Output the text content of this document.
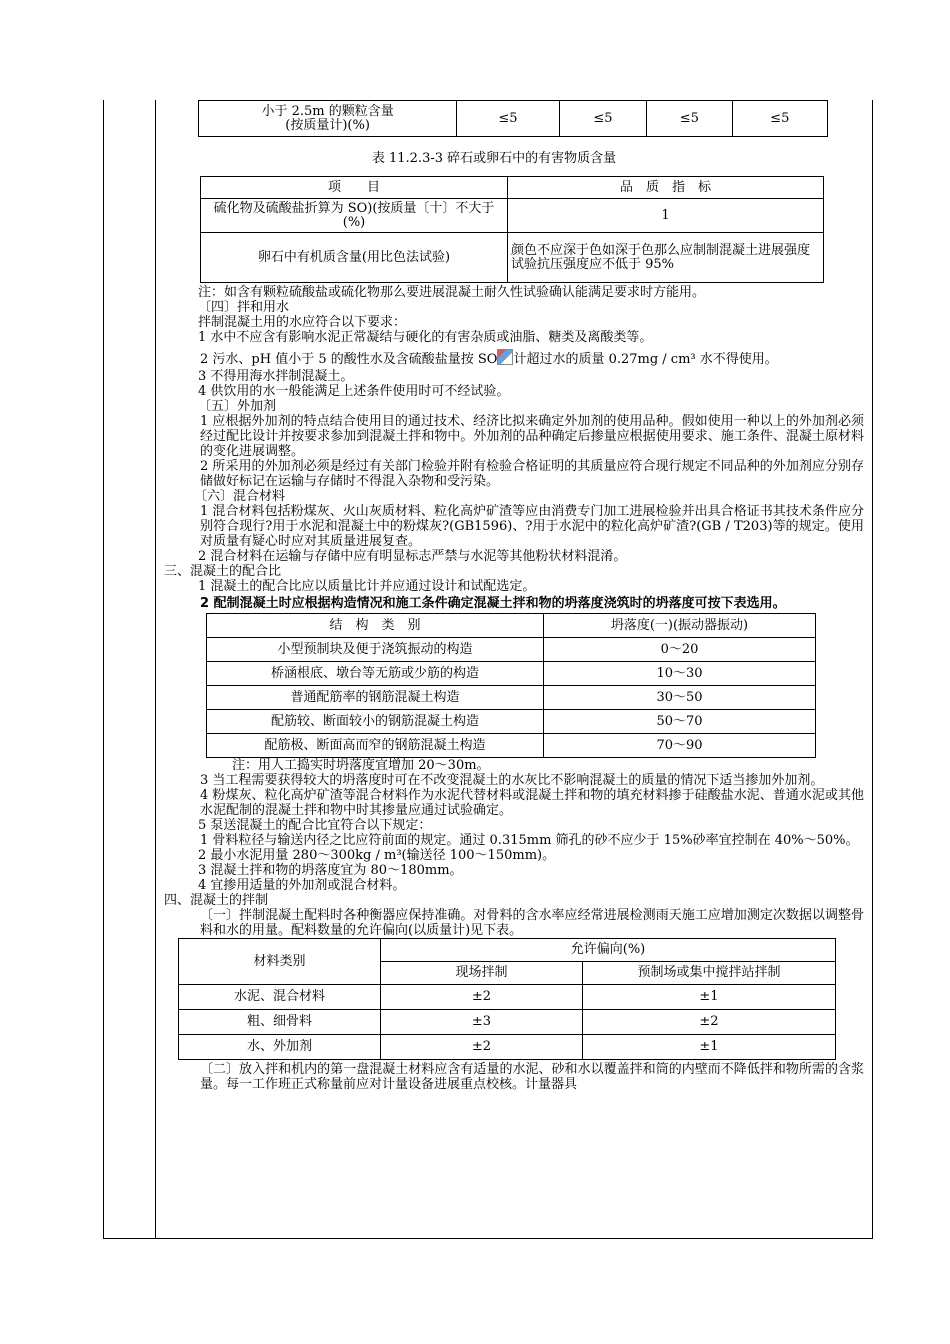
小于 2.5m 的颗粒含量
(按质量计)(%)	≤5	≤5	≤5	≤5

表 11.2.3-3 碎石或卵石中的有害物质含量

项　　目	品　质　指　标
硫化物及硫酸盐折算为 SO)(按质量〔十〕不大于(%)	1
卵石中有机质含量(用比色法试验)	颜色不应深于色如深于色那么应制制混凝土进展强度试验抗压强度应不低于 95%

注：如含有颗粒硫酸盐或硫化物那么要进展混凝土耐久性试验确认能满足要求时方能用。

〔四〕拌和用水

拌制混凝土用的水应符合以下要求：

1 水中不应含有影响水泥正常凝结与硬化的有害杂质或油脂、糖类及离酸类等。

2 污水、pH 值小于 5 的酸性水及含硫酸盐量按 SO 计超过水的质量 0.27mg / cm³ 水不得使用。

3 不得用海水拌制混凝土。

4 供饮用的水一般能满足上述条件使用时可不经试验。

〔五〕外加剂

1 应根据外加剂的特点结合使用目的通过技术、经济比拟来确定外加剂的使用品种。假如使用一种以上的外加剂必须经过配比设计并按要求参加到混凝土拌和物中。外加剂的品种确定后掺量应根据使用要求、施工条件、混凝土原材料的变化进展调整。

2 所采用的外加剂必须是经过有关部门检验并附有检验合格证明的其质量应符合现行规定不同品种的外加剂应分别存储做好标记在运输与存储时不得混入杂物和受污染。

〔六〕混合材料

1 混合材料包括粉煤灰、火山灰质材料、粒化高炉矿渣等应由消费专门加工进展检验并出具合格证书其技术条件应分别符合现行?用于水泥和混凝土中的粉煤灰?(GB1596)、?用于水泥中的粒化高炉矿渣?(GB / T203)等的规定。使用对质量有疑心时应对其质量进展复查。

2 混合材料在运输与存储中应有明显标志严禁与水泥等其他粉状材料混淆。

三、混凝土的配合比

1 混凝土的配合比应以质量比计并应通过设计和试配选定。

2 配制混凝土时应根据构造情况和施工条件确定混凝土拌和物的坍落度浇筑时的坍落度可按下表选用。

结　构　类　别	坍落度(一)(振动器振动)
小型预制块及便于浇筑振动的构造	0～20
桥涵根底、墩台等无筋或少筋的构造	10～30
普通配筋率的钢筋混凝土构造	30～50
配筋较、断面较小的钢筋混凝土构造	50～70
配筋极、断面高而窄的钢筋混凝土构造	70～90

注：用人工捣实时坍落度宜增加 20～30m。

3 当工程需要获得较大的坍落度时可在不改变混凝土的水灰比不影响混凝土的质量的情况下适当掺加外加剂。

4 粉煤灰、粒化高炉矿渣等混合材料作为水泥代替材料或混凝土拌和物的填充材料掺于硅酸盐水泥、普通水泥或其他水泥配制的混凝土拌和物中时其掺量应通过试验确定。

5 泵送混凝土的配合比宜符合以下规定：

1 骨料粒径与输送内径之比应符前面的规定。通过 0.315mm 筛孔的砂不应少于 15%砂率宜控制在 40%～50%。

2 最小水泥用量 280～300kg / m³(输送径 100～150mm)。

3 混凝土拌和物的坍落度宜为 80～180mm。

4 宜掺用适量的外加剂或混合材料。

四、混凝土的拌制

〔一〕拌制混凝土配料时各种衡器应保持准确。对骨料的含水率应经常进展检测雨天施工应增加测定次数据以调整骨料和水的用量。配料数量的允许偏向(以质量计)见下表。

材料类别	允许偏向(%)	
	现场拌制	预制场或集中搅拌站拌制
水泥、混合材料	±2	±1
粗、细骨料	±3	±2
水、外加剂	±2	±1

〔二〕放入拌和机内的第一盘混凝土材料应含有适量的水泥、砂和水以覆盖拌和筒的内壁而不降低拌和物所需的含浆量。每一工作班正式称量前应对计量设备进展重点校核。计量器具
